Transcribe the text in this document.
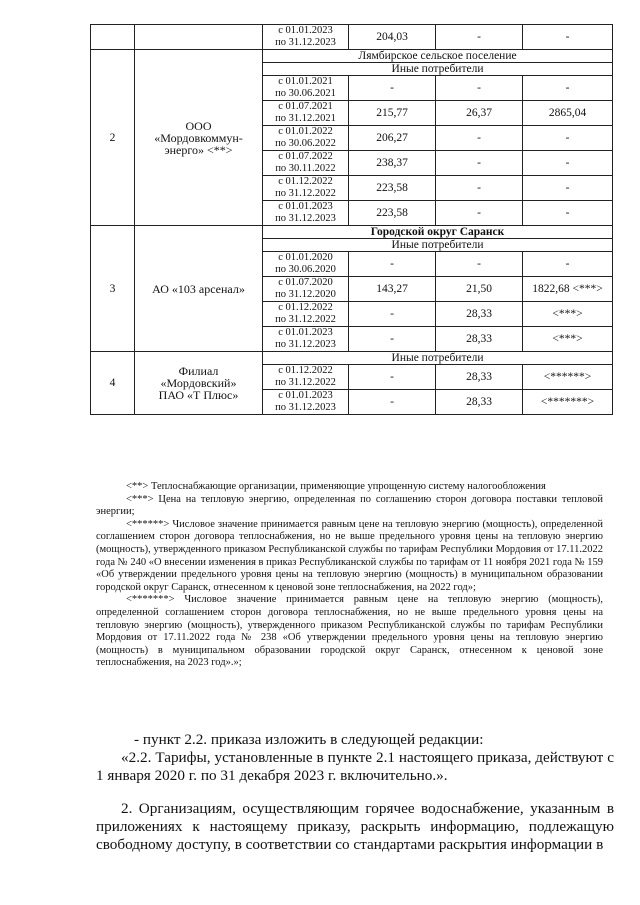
		с 01.01.2023
по 31.12.2023	204,03	-	-
2	ООО
«Мордовкоммун-
энерго» <**>	Лямбирское сельское поселение			
		Иные потребители			

		с 01.01.2021
по 30.06.2021	-	-	-

		с 01.07.2021
по 31.12.2021	215,77	26,37	2865,04

		с 01.01.2022
по 30.06.2022	206,27	-	-

		с 01.07.2022
по 30.11.2022	238,37	-	-

		с 01.12.2022
по 31.12.2022	223,58	-	-

		с 01.01.2023
по 31.12.2023	223,58	-	-
3	АО «103 арсенал»	Городской округ Саранск			
		Иные потребители			

		с 01.01.2020
по 30.06.2020	-	-	-

		с 01.07.2020
по 31.12.2020	143,27	21,50	1822,68 <***>

		с 01.12.2022
по 31.12.2022	-	28,33	<***>

		с 01.01.2023
по 31.12.2023	-	28,33	<***>
4	Филиал
«Мордовский»
ПАО «Т Плюс»	Иные потребители			

		с 01.12.2022
по 31.12.2022	-	28,33	<******>

		с 01.01.2023
по 31.12.2023	-	28,33	<*******>

<**> Теплоснабжающие организации, применяющие упрощенную систему налогообложения

<***> Цена на тепловую энергию, определенная по соглашению сторон договора поставки тепловой энергии;

<******> Числовое значение принимается равным цене на тепловую энергию (мощность), определенной соглашением сторон договора теплоснабжения, но не выше предельного уровня цены на тепловую энергию (мощность), утвержденного приказом Республиканской службы по тарифам Республики Мордовия от 17.11.2022 года № 240 «О внесении изменения в приказ Республиканской службы по тарифам от 11 ноября 2021 года № 159 «Об утверждении предельного уровня цены на тепловую энергию (мощность) в муниципальном образовании городской округ Саранск, отнесенном к ценовой зоне теплоснабжения, на 2022 год»;

<*******> Числовое значение принимается равным цене на тепловую энергию (мощность), определенной соглашением сторон договора теплоснабжения, но не выше предельного уровня цены на тепловую энергию (мощность), утвержденного приказом Республиканской службы по тарифам Республики Мордовия от 17.11.2022 года № 238 «Об утверждении предельного уровня цены на тепловую энергию (мощность) в муниципальном образовании городской округ Саранск, отнесенном к ценовой зоне теплоснабжения, на 2023 год».»;

- пункт 2.2. приказа изложить в следующей редакции:

«2.2. Тарифы, установленные в пункте 2.1 настоящего приказа, действуют с 1 января 2020 г. по 31 декабря 2023 г. включительно.».

2. Организациям, осуществляющим горячее водоснабжение, указанным в приложениях к настоящему приказу, раскрыть информацию, подлежащую свободному доступу, в соответствии со стандартами раскрытия информации в
